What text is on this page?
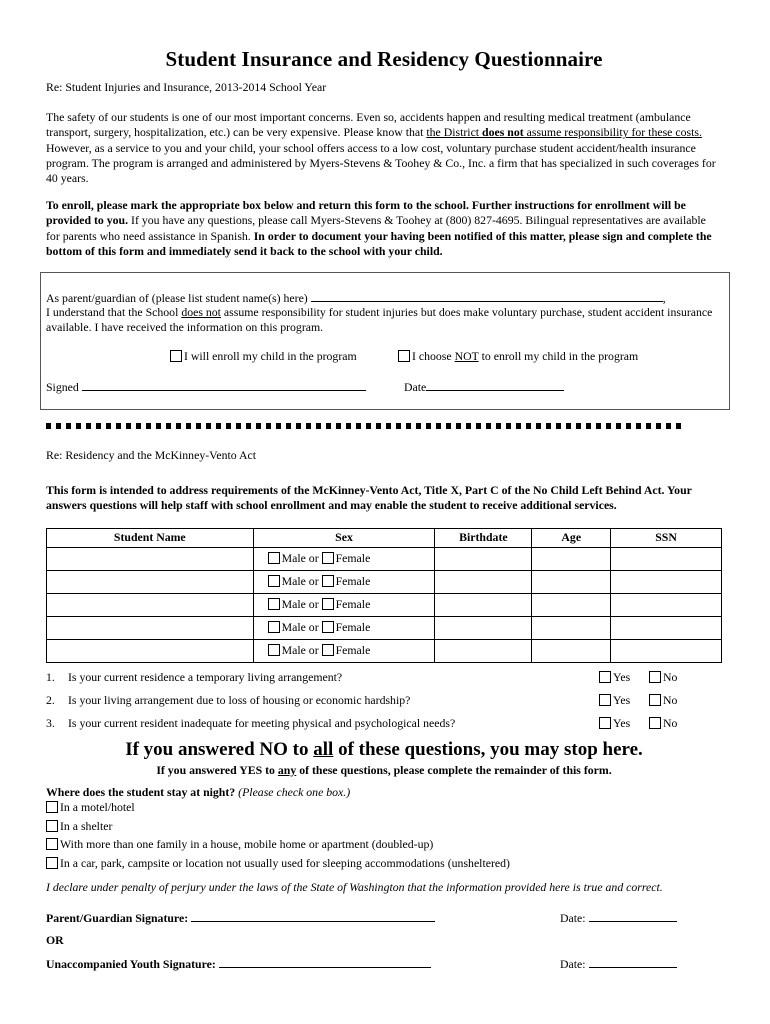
Student Insurance and Residency Questionnaire

Re: Student Injuries and Insurance, 2013-2014 School Year

The safety of our students is one of our most important concerns. Even so, accidents happen and resulting medical treatment (ambulance transport, surgery, hospitalization, etc.) can be very expensive. Please know that the District does not assume responsibility for these costs. However, as a service to you and your child, your school offers access to a low cost, voluntary purchase student accident/health insurance program. The program is arranged and administered by Myers-Stevens & Toohey & Co., Inc. a firm that has specialized in such coverages for 40 years.

To enroll, please mark the appropriate box below and return this form to the school. Further instructions for enrollment will be provided to you. If you have any questions, please call Myers-Stevens & Toohey at (800) 827-4695. Bilingual representatives are available for parents who need assistance in Spanish. In order to document your having been notified of this matter, please sign and complete the bottom of this form and immediately send it back to the school with your child.

As parent/guardian of (please list student name(s) here)	,

I understand that the School does not assume responsibility for student injuries but does make voluntary purchase, student accident insurance available. I have received the information on this program.

I will enroll my child in the program	I choose NOT to enroll my child in the program
Signed	Date

Re: Residency and the McKinney-Vento Act

This form is intended to address requirements of the McKinney-Vento Act, Title X, Part C of the No Child Left Behind Act. Your answers questions will help staff with school enrollment and may enable the student to receive additional services.

Student Name	Sex	Birthdate	Age	SSN
	Male or Female			
	Male or Female			
	Male or Female			
	Male or Female			
	Male or Female			
1. Is your current residence a temporary living arrangement?	Yes	No
2. Is your living arrangement due to loss of housing or economic hardship?	Yes	No
3. Is your current resident inadequate for meeting physical and psychological needs?	Yes	No
If you answered NO to all of these questions, you may stop here.
If you answered YES to any of these questions, please complete the remainder of this form.

Where does the student stay at night? (Please check one box.)

In a motel/hotel
In a shelter
With more than one family in a house, mobile home or apartment (doubled-up)
In a car, park, campsite or location not usually used for sleeping accommodations (unsheltered)

I declare under penalty of perjury under the laws of the State of Washington that the information provided here is true and correct.

Parent/Guardian Signature:	Date:

OR

Unaccompanied Youth Signature:	Date:
